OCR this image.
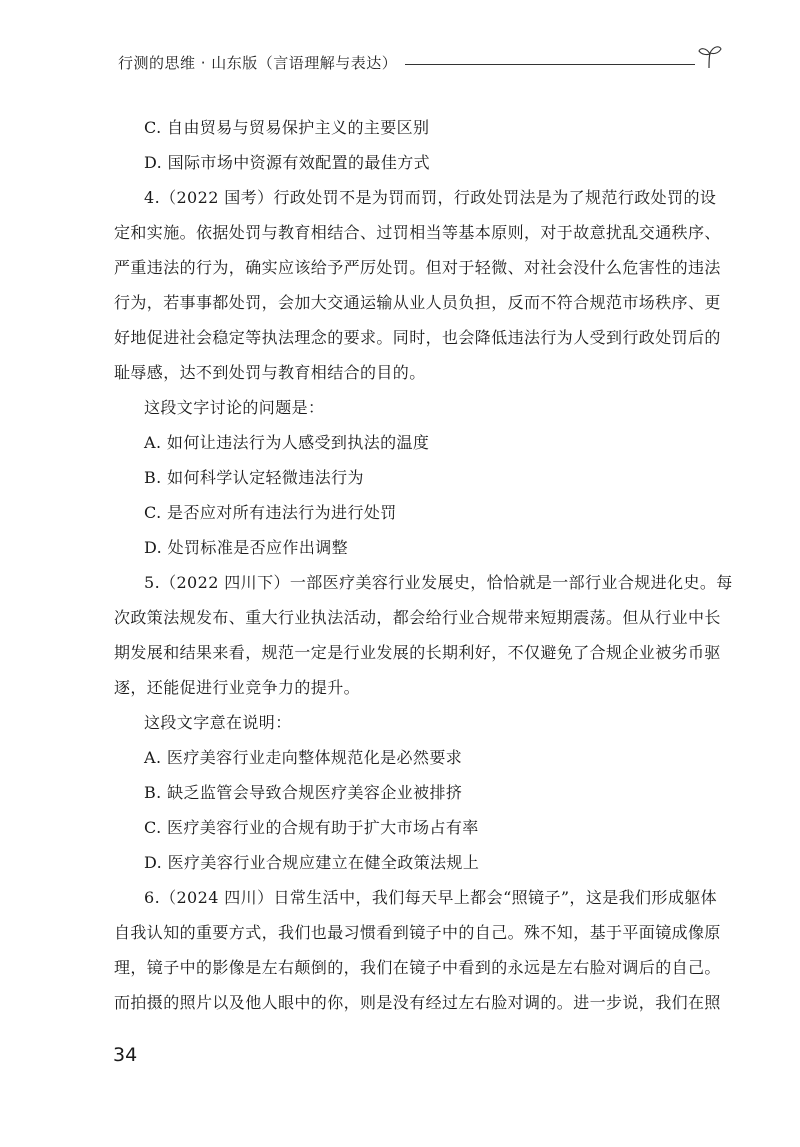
行测的思维 · 山东版（言语理解与表达）
C. 自由贸易与贸易保护主义的主要区别
D. 国际市场中资源有效配置的最佳方式
4.（2022 国考）行政处罚不是为罚而罚，行政处罚法是为了规范行政处罚的设
定和实施。依据处罚与教育相结合、过罚相当等基本原则，对于故意扰乱交通秩序、
严重违法的行为，确实应该给予严厉处罚。但对于轻微、对社会没什么危害性的违法
行为，若事事都处罚，会加大交通运输从业人员负担，反而不符合规范市场秩序、更
好地促进社会稳定等执法理念的要求。同时，也会降低违法行为人受到行政处罚后的
耻辱感，达不到处罚与教育相结合的目的。
这段文字讨论的问题是：
A. 如何让违法行为人感受到执法的温度
B. 如何科学认定轻微违法行为
C. 是否应对所有违法行为进行处罚
D. 处罚标准是否应作出调整
5.（2022 四川下）一部医疗美容行业发展史，恰恰就是一部行业合规进化史。每
次政策法规发布、重大行业执法活动，都会给行业合规带来短期震荡。但从行业中长
期发展和结果来看，规范一定是行业发展的长期利好，不仅避免了合规企业被劣币驱
逐，还能促进行业竞争力的提升。
这段文字意在说明：
A. 医疗美容行业走向整体规范化是必然要求
B. 缺乏监管会导致合规医疗美容企业被排挤
C. 医疗美容行业的合规有助于扩大市场占有率
D. 医疗美容行业合规应建立在健全政策法规上
6.（2024 四川）日常生活中，我们每天早上都会“照镜子”，这是我们形成躯体
自我认知的重要方式，我们也最习惯看到镜子中的自己。殊不知，基于平面镜成像原
理，镜子中的影像是左右颠倒的，我们在镜子中看到的永远是左右脸对调后的自己。
而拍摄的照片以及他人眼中的你，则是没有经过左右脸对调的。进一步说，我们在照
34
